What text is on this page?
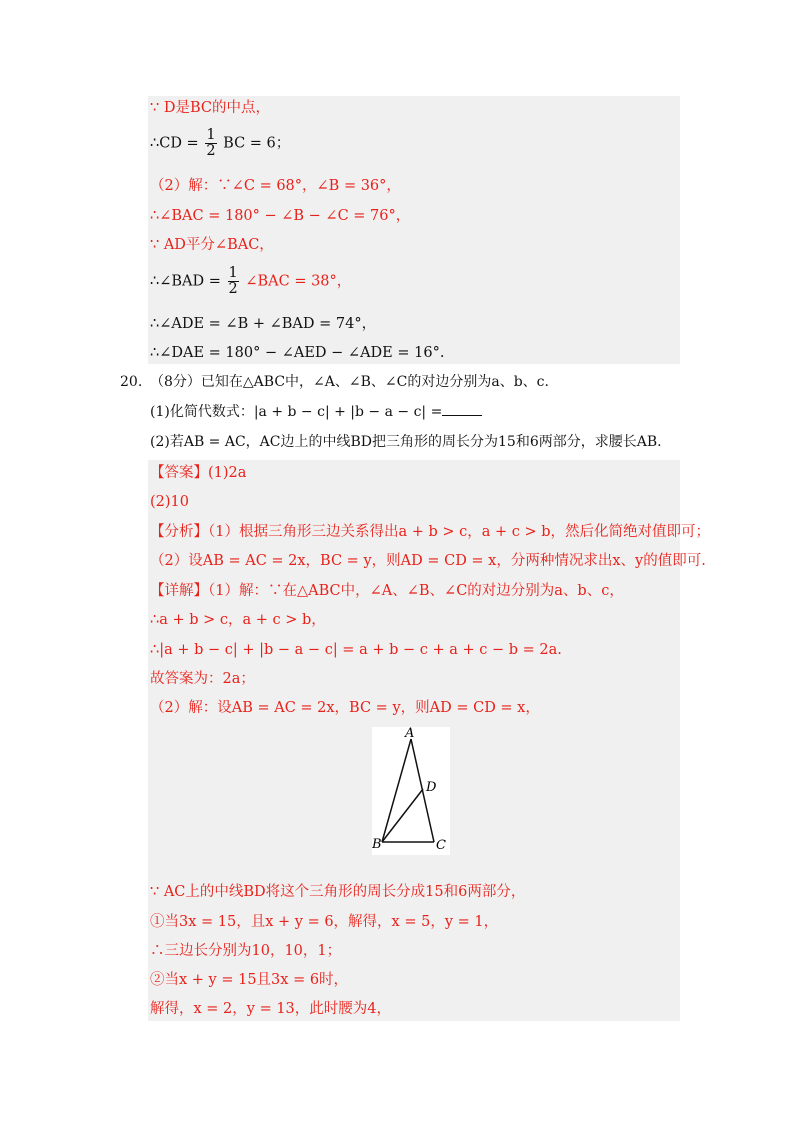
∵ D是BC的中点，
∴CD = $\frac{1}{2}$ BC = 6；
（2）解：∵∠C = 68°，∠B = 36°，
∴∠BAC = 180° − ∠B − ∠C = 76°，
∵ AD平分∠BAC，
∴∠BAD = $\frac{1}{2}$ ∠BAC = 38°，
∴∠ADE = ∠B + ∠BAD = 74°，
∴∠DAE = 180° − ∠AED − ∠ADE = 16°.
20. （8分）已知在△ABC中，∠A、∠B、∠C的对边分别为a、b、c.
(1)化简代数式：|a + b − c| + |b − a − c| =
(2)若AB = AC，AC边上的中线BD把三角形的周长分为15和6两部分，求腰长AB.
【答案】(1)2a
(2)10
【分析】（1）根据三角形三边关系得出a + b > c，a + c > b，然后化简绝对值即可；
（2）设AB = AC = 2x，BC = y，则AD = CD = x，分两种情况求出x、y的值即可.
【详解】（1）解：∵在△ABC中，∠A、∠B、∠C的对边分别为a、b、c，
∴a + b > c，a + c > b，
∴|a + b − c| + |b − a − c| = a + b − c + a + c − b = 2a.
故答案为：2a；
（2）解：设AB = AC = 2x，BC = y，则AD = CD = x，
A
D
B	C
∵ AC上的中线BD将这个三角形的周长分成15和6两部分，
①当3x = 15，且x + y = 6，解得，x = 5，y = 1，
∴三边长分别为10，10，1；
②当x + y = 15且3x = 6时，
解得，x = 2，y = 13，此时腰为4，
